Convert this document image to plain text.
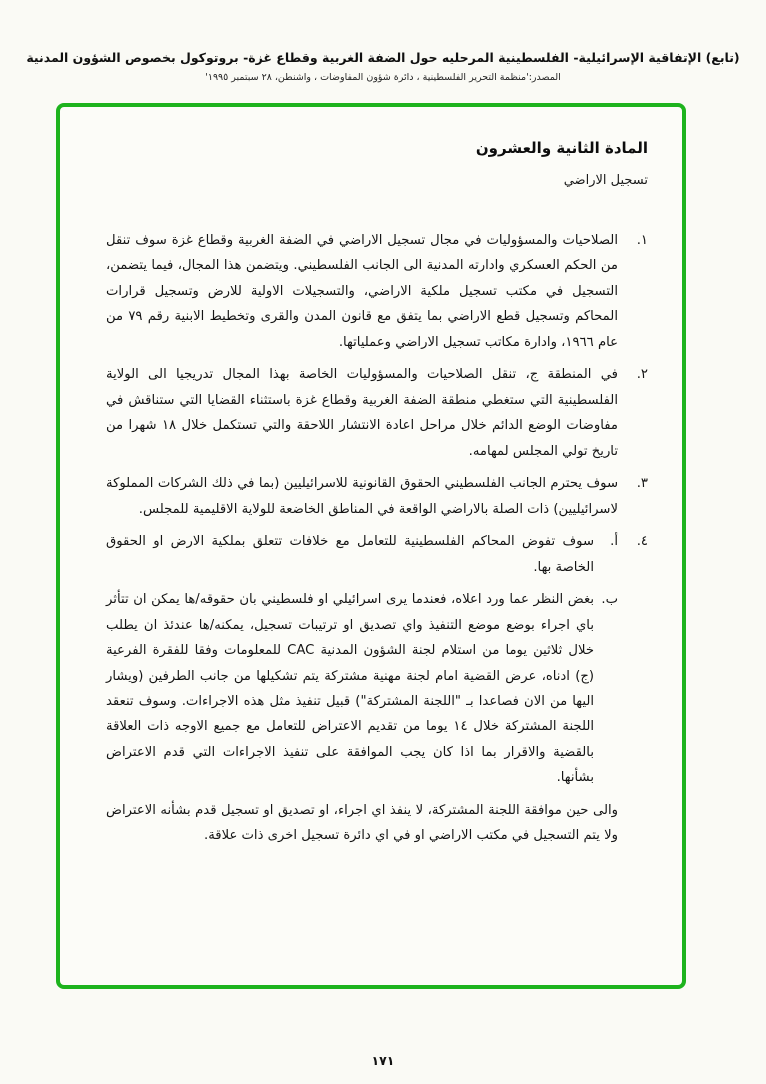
(تابع) الإتفاقية الإسرائيلية- الفلسطينية المرحليه حول الضفة الغربية وقطاع غزة- بروتوكول بخصوص الشؤون المدنية
المصدر:'منظمة التحرير الفلسطينية ، دائرة شؤون المفاوضات ، واشنطن، ٢٨ سبتمبر ١٩٩٥'
المادة الثانية والعشرون
تسجيل الاراضي
١.
الصلاحيات والمسؤوليات في مجال تسجيل الاراضي في الضفة الغربية وقطاع غزة سوف تنقل من الحكم العسكري وادارته المدنية الى الجانب الفلسطيني. ويتضمن هذا المجال، فيما يتضمن، التسجيل في مكتب تسجيل ملكية الاراضي، والتسجيلات الاولية للارض وتسجيل قرارات المحاكم وتسجيل قطع الاراضي بما يتفق مع قانون المدن والقرى وتخطيط الابنية رقم ٧٩ من عام ١٩٦٦، وادارة مكاتب تسجيل الاراضي وعملياتها.
٢.
في المنطقة ج، تنقل الصلاحيات والمسؤوليات الخاصة بهذا المجال تدريجيا الى الولاية الفلسطينية التي ستغطي منطقة الضفة الغربية وقطاع غزة باستثناء القضايا التي ستناقش في مفاوضات الوضع الدائم خلال مراحل اعادة الانتشار اللاحقة والتي تستكمل خلال ١٨ شهرا من تاريخ تولي المجلس لمهامه.
٣.
سوف يحترم الجانب الفلسطيني الحقوق القانونية للاسرائيليين (بما في ذلك الشركات المملوكة لاسرائيليين) ذات الصلة بالاراضي الواقعة في المناطق الخاضعة للولاية الاقليمية للمجلس.
٤.
أ.
سوف تفوض المحاكم الفلسطينية للتعامل مع خلافات تتعلق بملكية الارض او الحقوق الخاصة بها.
ب.
بغض النظر عما ورد اعلاه، فعندما يرى اسرائيلي او فلسطيني بان حقوقه/ها يمكن ان تتأثر باي اجراء بوضع موضع التنفيذ واي تصديق او ترتيبات تسجيل، يمكنه/ها عندئذ ان يطلب خلال ثلاثين يوما من استلام لجنة الشؤون المدنية CAC للمعلومات وفقا للفقرة الفرعية (ج) ادناه، عرض القضية امام لجنة مهنية مشتركة يتم تشكيلها من جانب الطرفين (ويشار اليها من الان فصاعدا بـ "اللجنة المشتركة") قبيل تنفيذ مثل هذه الاجراءات. وسوف تنعقد اللجنة المشتركة خلال ١٤ يوما من تقديم الاعتراض للتعامل مع جميع الاوجه ذات العلاقة بالقضية والاقرار بما اذا كان يجب الموافقة على تنفيذ الاجراءات التي قدم الاعتراض بشأنها.
والى حين موافقة اللجنة المشتركة، لا ينفذ اي اجراء، او تصديق او تسجيل قدم بشأنه الاعتراض ولا يتم التسجيل في مكتب الاراضي او في اي دائرة تسجيل اخرى ذات علاقة.
١٧١
